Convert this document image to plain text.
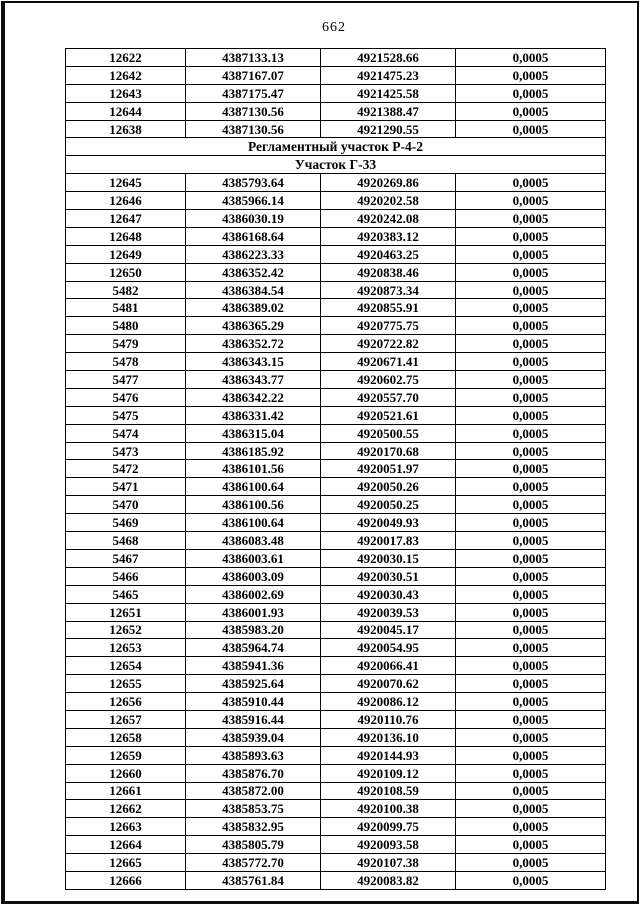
662
12622	4387133.13	4921528.66	0,0005
12642	4387167.07	4921475.23	0,0005
12643	4387175.47	4921425.58	0,0005
12644	4387130.56	4921388.47	0,0005
12638	4387130.56	4921290.55	0,0005
Регламентный участок Р-4-2			
Участок Г-33			
12645	4385793.64	4920269.86	0,0005
12646	4385966.14	4920202.58	0,0005
12647	4386030.19	4920242.08	0,0005
12648	4386168.64	4920383.12	0,0005
12649	4386223.33	4920463.25	0,0005
12650	4386352.42	4920838.46	0,0005
5482	4386384.54	4920873.34	0,0005
5481	4386389.02	4920855.91	0,0005
5480	4386365.29	4920775.75	0,0005
5479	4386352.72	4920722.82	0,0005
5478	4386343.15	4920671.41	0,0005
5477	4386343.77	4920602.75	0,0005
5476	4386342.22	4920557.70	0,0005
5475	4386331.42	4920521.61	0,0005
5474	4386315.04	4920500.55	0,0005
5473	4386185.92	4920170.68	0,0005
5472	4386101.56	4920051.97	0,0005
5471	4386100.64	4920050.26	0,0005
5470	4386100.56	4920050.25	0,0005
5469	4386100.64	4920049.93	0,0005
5468	4386083.48	4920017.83	0,0005
5467	4386003.61	4920030.15	0,0005
5466	4386003.09	4920030.51	0,0005
5465	4386002.69	4920030.43	0,0005
12651	4386001.93	4920039.53	0,0005
12652	4385983.20	4920045.17	0,0005
12653	4385964.74	4920054.95	0,0005
12654	4385941.36	4920066.41	0,0005
12655	4385925.64	4920070.62	0,0005
12656	4385910.44	4920086.12	0,0005
12657	4385916.44	4920110.76	0,0005
12658	4385939.04	4920136.10	0,0005
12659	4385893.63	4920144.93	0,0005
12660	4385876.70	4920109.12	0,0005
12661	4385872.00	4920108.59	0,0005
12662	4385853.75	4920100.38	0,0005
12663	4385832.95	4920099.75	0,0005
12664	4385805.79	4920093.58	0,0005
12665	4385772.70	4920107.38	0,0005
12666	4385761.84	4920083.82	0,0005
